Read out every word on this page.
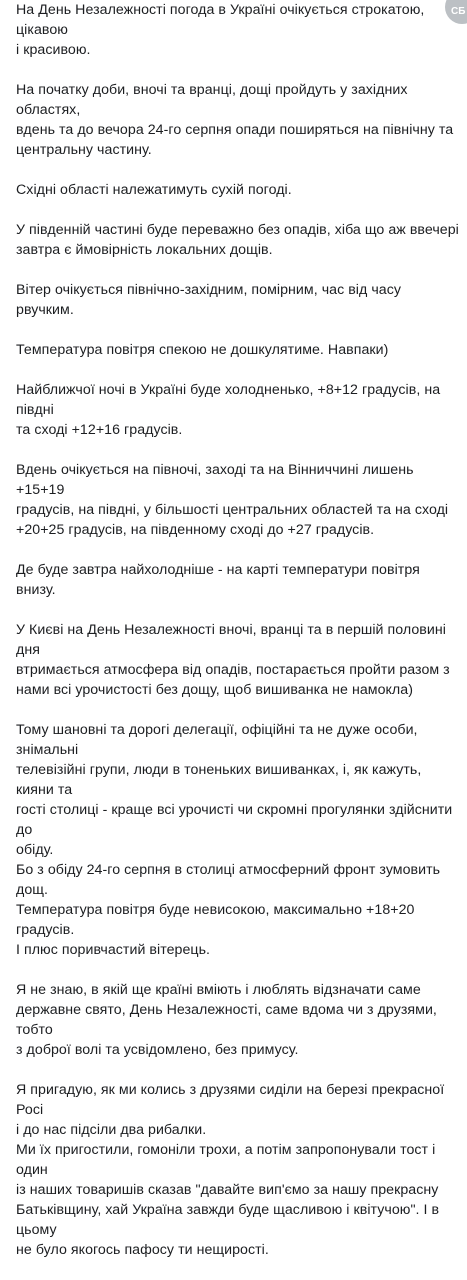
СБ

На День Незалежності погода в Україні очікується строкатою, цікавою
і красивою.

На початку доби, вночі та вранці, дощі пройдуть у західних областях,
вдень та до вечора 24-го серпня опади поширяться на північну та
центральну частину.

Східні області належатимуть сухій погоді.

У південній частині буде переважно без опадів, хіба що аж ввечері
завтра є ймовірність локальних дощів.

Вітер очікується північно-західним, помірним, час від часу рвучким.

Температура повітря спекою не дошкулятиме. Навпаки)

Найближчої ночі в Україні буде холодненько, +8+12 градусів, на півдні
та сході +12+16 градусів.

Вдень очікується на півночі, заході та на Вінниччині лишень +15+19
градусів, на півдні, у більшості центральних областей та на сході
+20+25 градусів, на південному сході до +27 градусів.

Де буде завтра найхолодніше - на карті температури повітря внизу.

У Києві на День Незалежності вночі, вранці та в першій половині дня
втримається атмосфера від опадів, постарається пройти разом з
нами всі урочистості без дощу, щоб вишиванка не намокла)

Тому шановні та дорогі делегації, офіційні та не дуже особи, знімальні
телевізійні групи, люди в тоненьких вишиванках, і, як кажуть, кияни та
гості столиці - краще всі урочисті чи скромні прогулянки здійснити до
обіду.

Бо з обіду 24-го серпня в столиці атмосферний фронт зумовить дощ.
Температура повітря буде невисокою, максимально +18+20 градусів.
І плюс поривчастий вітерець.

Я не знаю, в якій ще країні вміють і люблять відзначати саме
державне свято, День Незалежності, саме вдома чи з друзями, тобто
з доброї волі та усвідомлено, без примусу.

Я пригадую, як ми колись з друзями сиділи на березі прекрасної Росі
і до нас підсіли два рибалки.

Ми їх пригостили, гомоніли трохи, а потім запропонували тост і один
із наших товаришів сказав "давайте вип'ємо за нашу прекрасну
Батьківщину, хай Україна завжди буде щасливою і квітучою". І в цьому
не було якогось пафосу ти нещирості.
